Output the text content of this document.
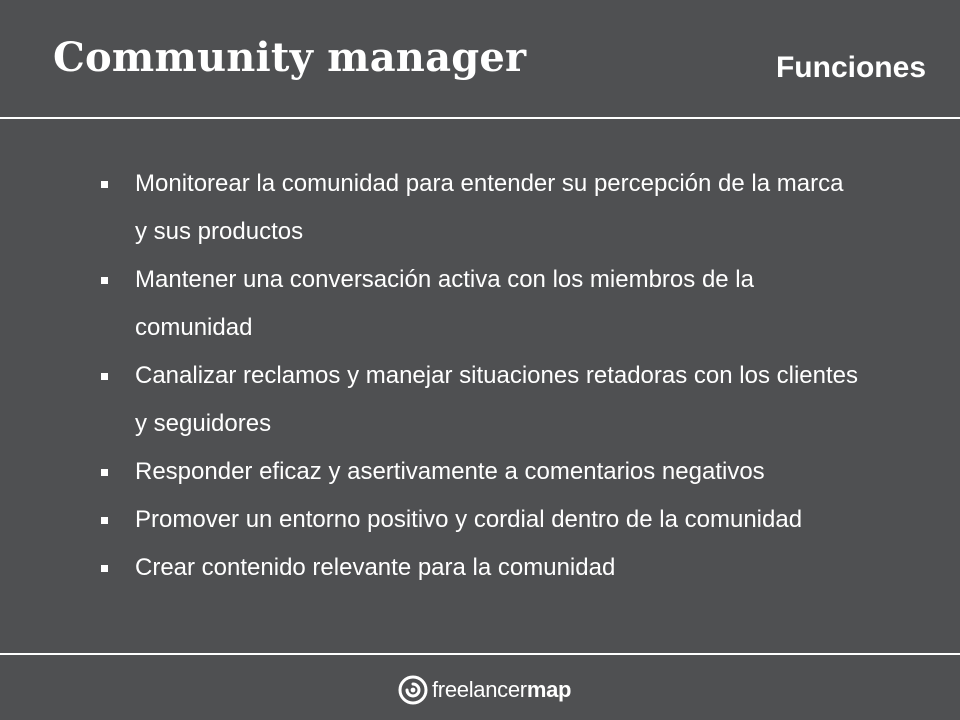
Community manager	Funciones
Monitorear la comunidad para entender su percepción de la marca y sus productos
Mantener una conversación activa con los miembros de la comunidad
Canalizar reclamos y manejar situaciones retadoras con los clientes y seguidores
Responder eficaz y asertivamente a comentarios negativos
Promover un entorno positivo y cordial dentro de la comunidad
Crear contenido relevante para la comunidad
freelancermap
